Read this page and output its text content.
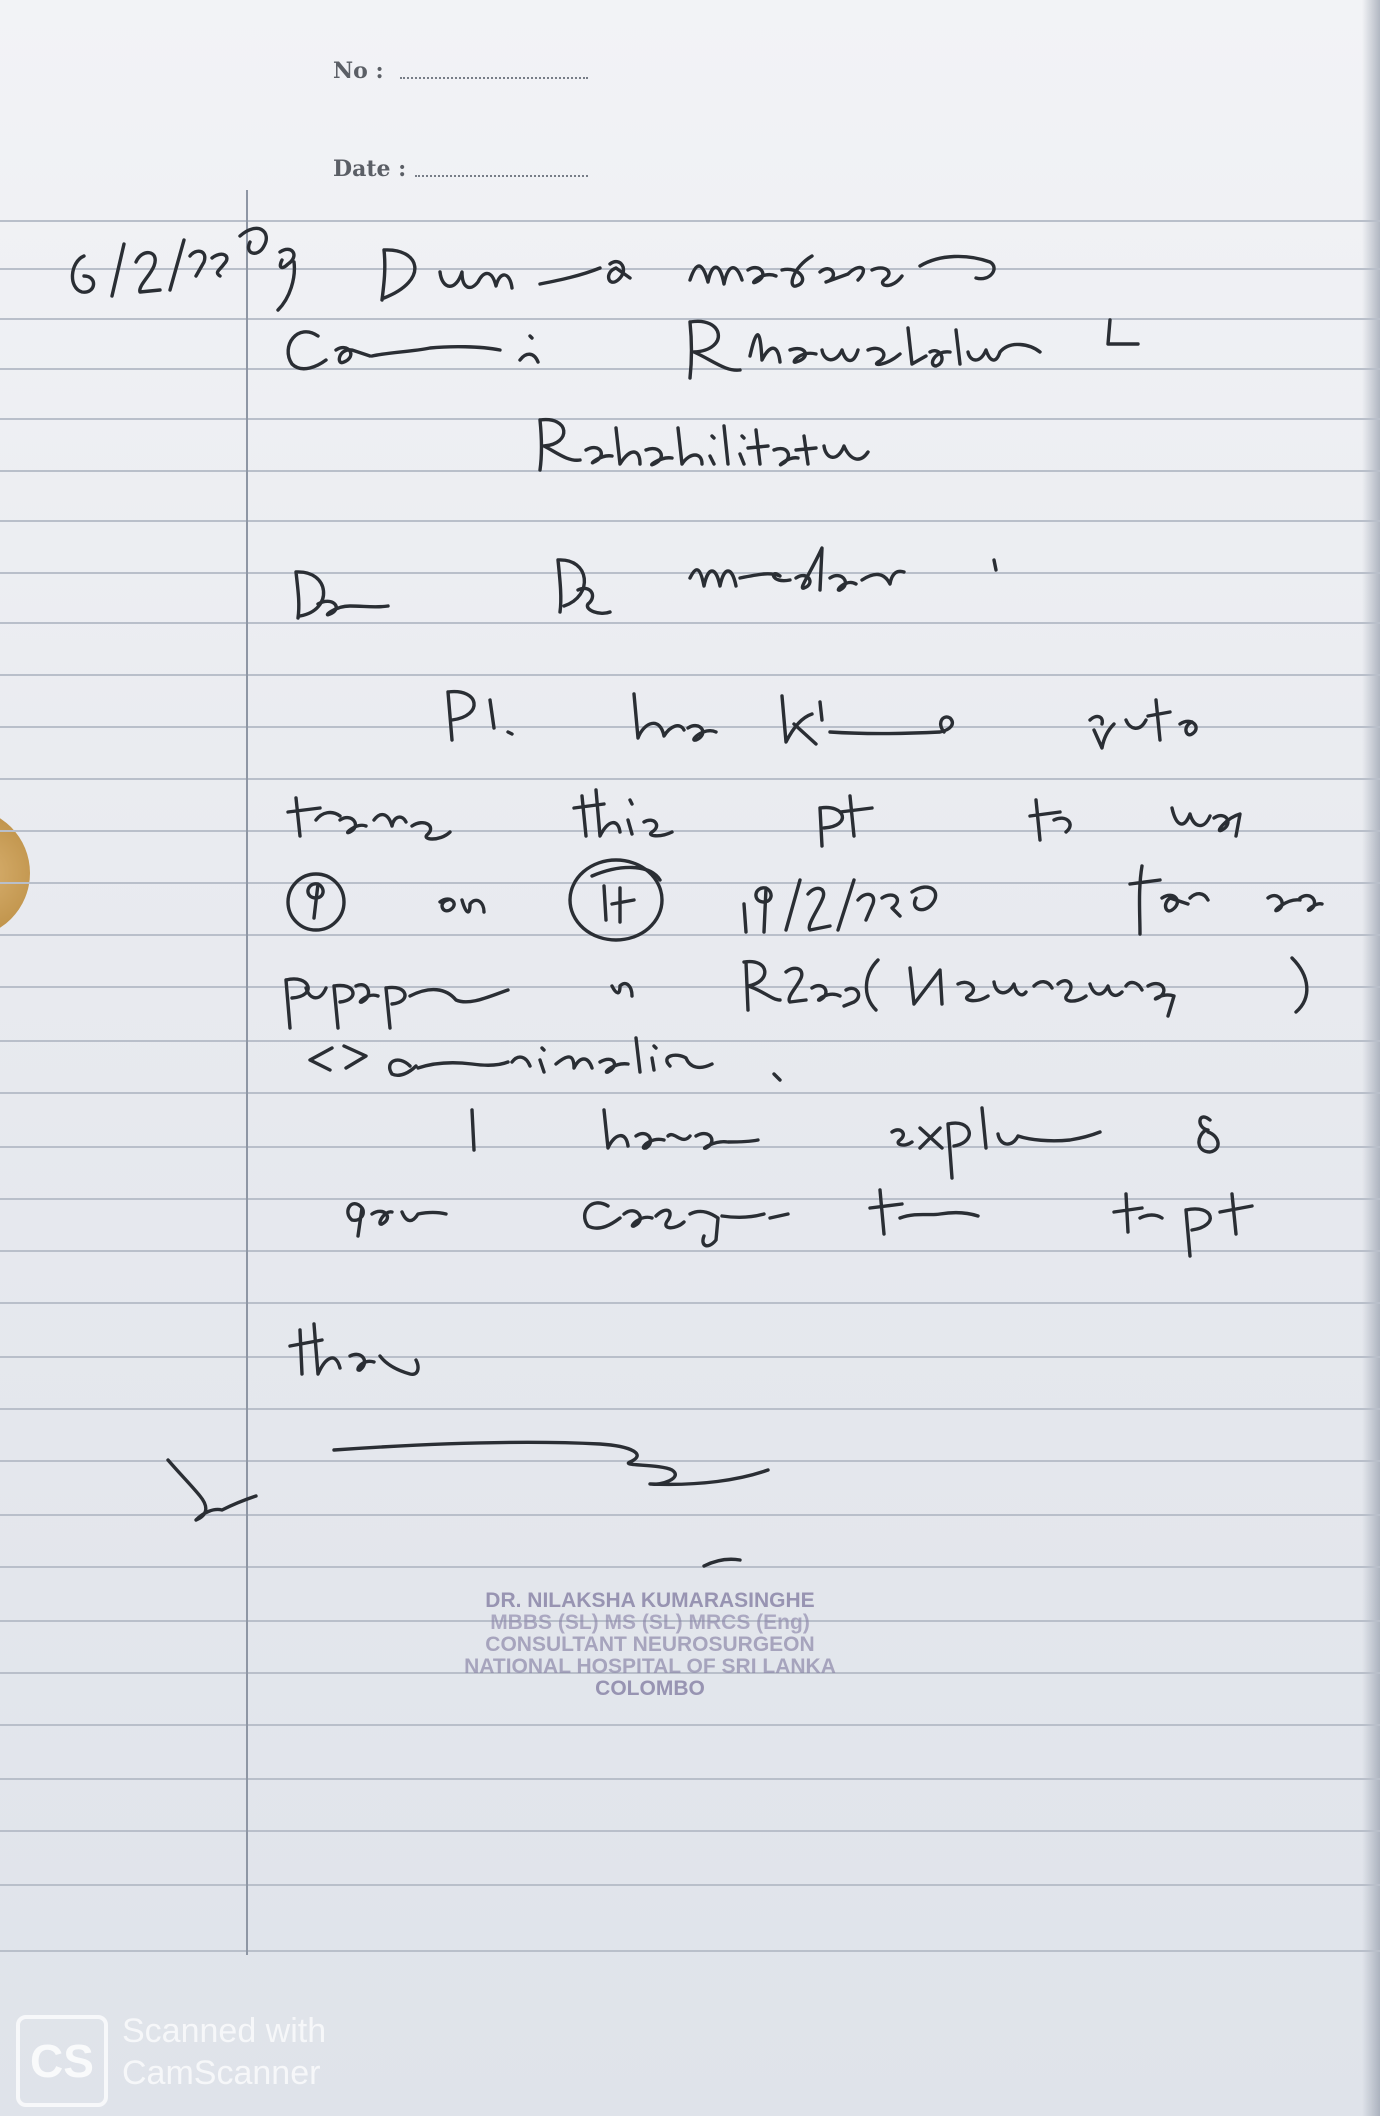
No :
Date :
DR. NILAKSHA KUMARASINGHE
MBBS (SL) MS (SL) MRCS (Eng)
CONSULTANT NEUROSURGEON
NATIONAL HOSPITAL OF SRI LANKA
COLOMBO
CS
Scanned with
CamScanner
